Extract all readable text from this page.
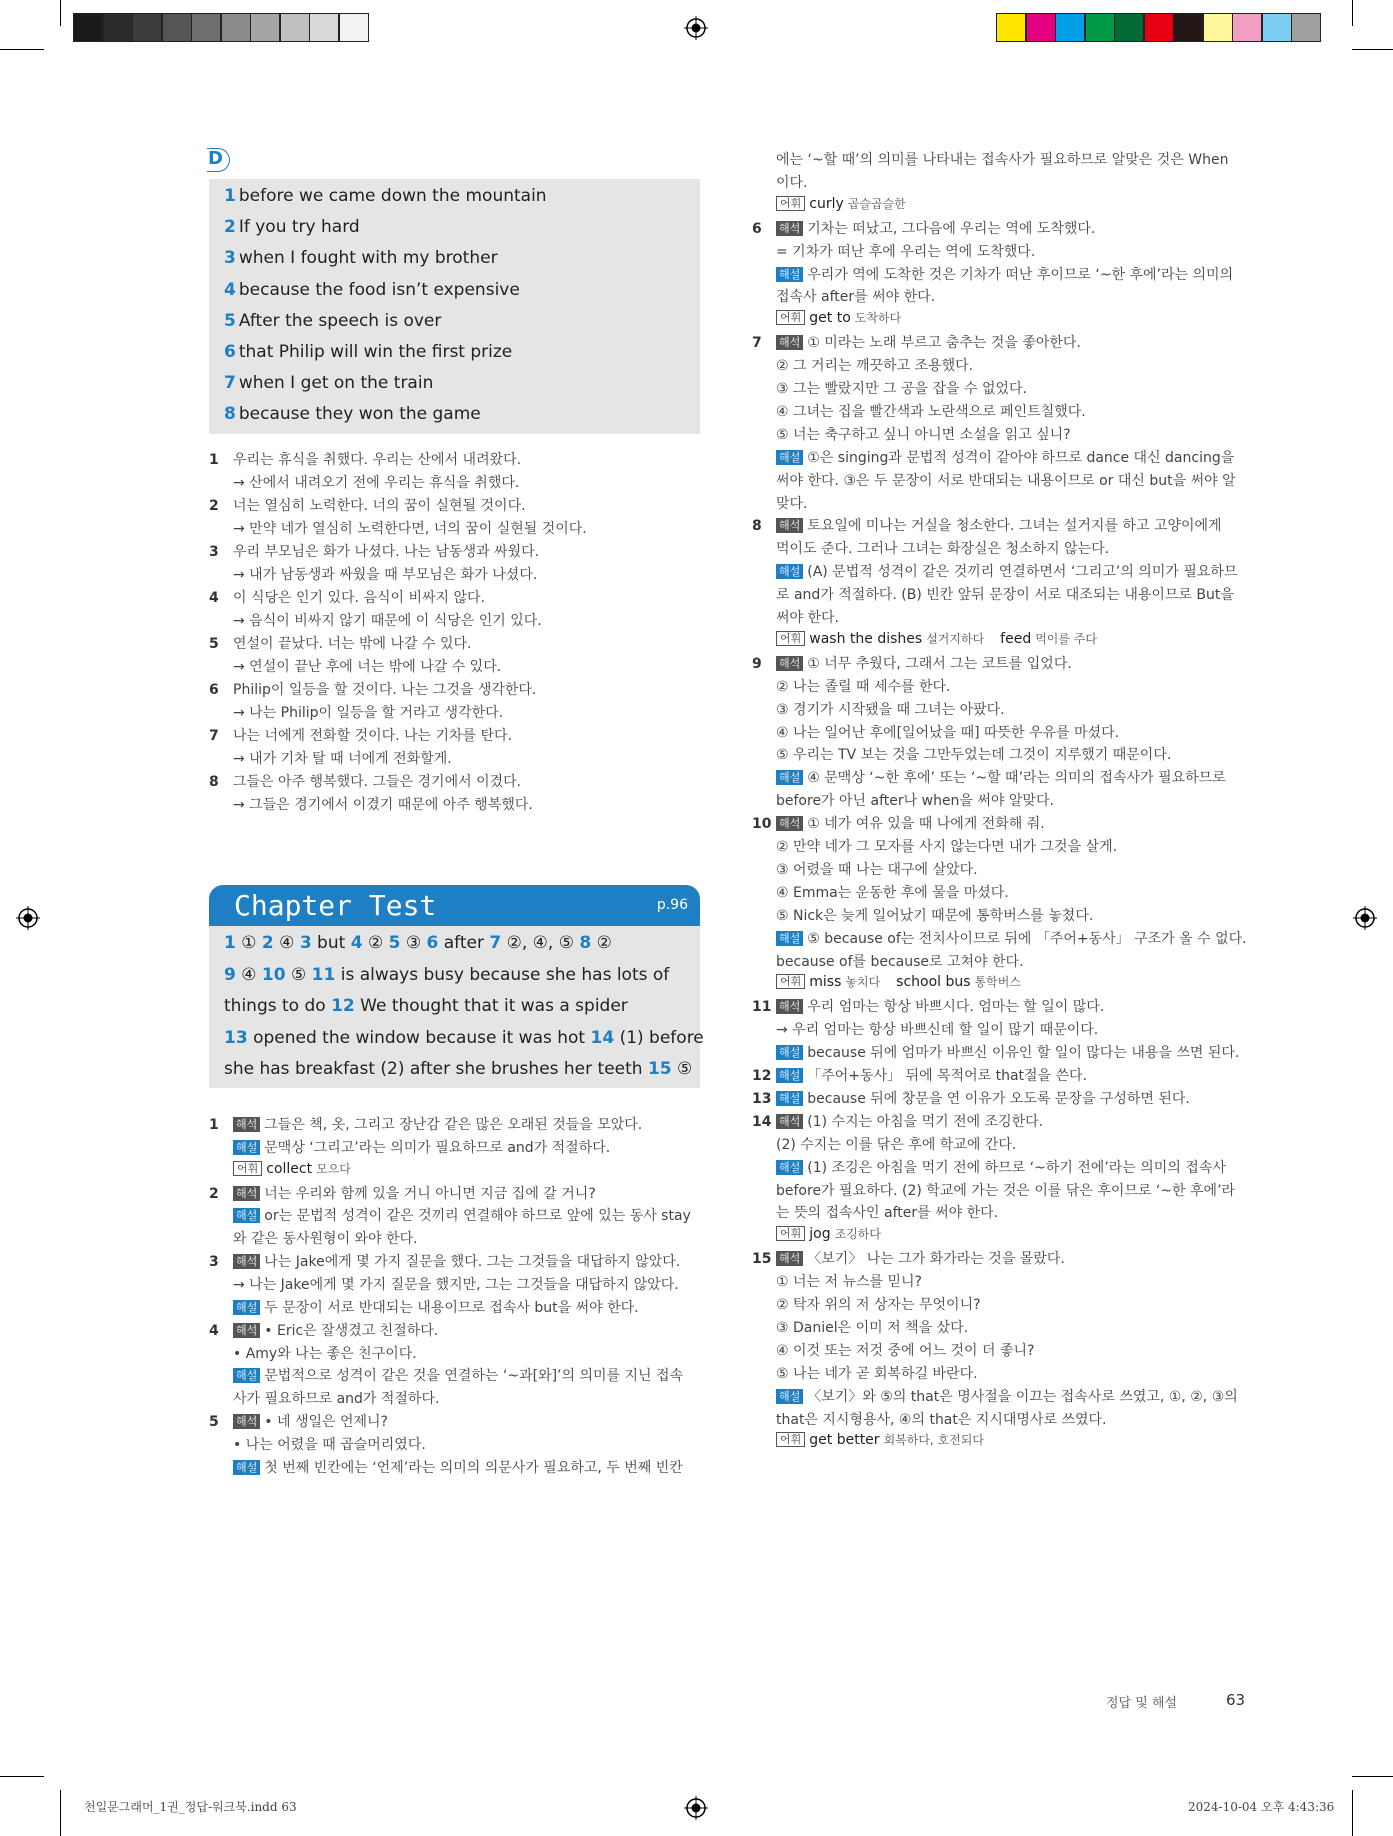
D
1 before we came down the mountain
2 If you try hard
3 when I fought with my brother
4 because the food isn’t expensive
5 After the speech is over
6 that Philip will win the first prize
7 when I get on the train
8 because they won the game
1 우리는 휴식을 취했다. 우리는 산에서 내려왔다.
→ 산에서 내려오기 전에 우리는 휴식을 취했다.
2 너는 열심히 노력한다. 너의 꿈이 실현될 것이다.
→ 만약 네가 열심히 노력한다면, 너의 꿈이 실현될 것이다.
3 우리 부모님은 화가 나셨다. 나는 남동생과 싸웠다.
→ 내가 남동생과 싸웠을 때 부모님은 화가 나셨다.
4 이 식당은 인기 있다. 음식이 비싸지 않다.
→ 음식이 비싸지 않기 때문에 이 식당은 인기 있다.
5 연설이 끝났다. 너는 밖에 나갈 수 있다.
→ 연설이 끝난 후에 너는 밖에 나갈 수 있다.
6 Philip이 일등을 할 것이다. 나는 그것을 생각한다.
→ 나는 Philip이 일등을 할 거라고 생각한다.
7 나는 너에게 전화할 것이다. 나는 기차를 탄다.
→ 내가 기차 탈 때 너에게 전화할게.
8 그들은 아주 행복했다. 그들은 경기에서 이겼다.
→ 그들은 경기에서 이겼기 때문에 아주 행복했다.
Chapter Test	p.96
1 ① 2 ④ 3 but 4 ② 5 ③ 6 after 7 ②, ④, ⑤ 8 ②
9 ④ 10 ⑤ 11 is always busy because she has lots of
things to do 12 We thought that it was a spider
13 opened the window because it was hot 14 (1) before
she has breakfast (2) after she brushes her teeth 15 ⑤
1 해석 그들은 책, 옷, 그리고 장난감 같은 많은 오래된 것들을 모았다.
해설 문맥상 ‘그리고’라는 의미가 필요하므로 and가 적절하다.
어휘 collect 모으다
2 해석 너는 우리와 함께 있을 거니 아니면 지금 집에 갈 거니?
해설 or는 문법적 성격이 같은 것끼리 연결해야 하므로 앞에 있는 동사 stay
와 같은 동사원형이 와야 한다.
3 해석 나는 Jake에게 몇 가지 질문을 했다. 그는 그것들을 대답하지 않았다.
→ 나는 Jake에게 몇 가지 질문을 했지만, 그는 그것들을 대답하지 않았다.
해설 두 문장이 서로 반대되는 내용이므로 접속사 but을 써야 한다.
4 해석 • Eric은 잘생겼고 친절하다.
• Amy와 나는 좋은 친구이다.
해설 문법적으로 성격이 같은 것을 연결하는 ‘~과[와]’의 의미를 지닌 접속
사가 필요하므로 and가 적절하다.
5 해석 • 네 생일은 언제니?
• 나는 어렸을 때 곱슬머리였다.
해설 첫 번째 빈칸에는 ‘언제’라는 의미의 의문사가 필요하고, 두 번째 빈칸
에는 ‘~할 때’의 의미를 나타내는 접속사가 필요하므로 알맞은 것은 When
이다.
어휘 curly 곱슬곱슬한
6 해석 기차는 떠났고, 그다음에 우리는 역에 도착했다.
= 기차가 떠난 후에 우리는 역에 도착했다.
해설 우리가 역에 도착한 것은 기차가 떠난 후이므로 ‘~한 후에’라는 의미의
접속사 after를 써야 한다.
어휘 get to 도착하다
7 해석 ① 미라는 노래 부르고 춤추는 것을 좋아한다.
② 그 거리는 깨끗하고 조용했다.
③ 그는 빨랐지만 그 공을 잡을 수 없었다.
④ 그녀는 집을 빨간색과 노란색으로 페인트칠했다.
⑤ 너는 축구하고 싶니 아니면 소설을 읽고 싶니?
해설 ①은 singing과 문법적 성격이 같아야 하므로 dance 대신 dancing을
써야 한다. ③은 두 문장이 서로 반대되는 내용이므로 or 대신 but을 써야 알
맞다.
8 해석 토요일에 미나는 거실을 청소한다. 그녀는 설거지를 하고 고양이에게
먹이도 준다. 그러나 그녀는 화장실은 청소하지 않는다.
해설 (A) 문법적 성격이 같은 것끼리 연결하면서 ‘그리고’의 의미가 필요하므
로 and가 적절하다. (B) 빈칸 앞뒤 문장이 서로 대조되는 내용이므로 But을
써야 한다.
어휘 wash the dishes 설거지하다 feed 먹이를 주다
9 해석 ① 너무 추웠다, 그래서 그는 코트를 입었다.
② 나는 졸릴 때 세수를 한다.
③ 경기가 시작됐을 때 그녀는 아팠다.
④ 나는 일어난 후에[일어났을 때] 따뜻한 우유를 마셨다.
⑤ 우리는 TV 보는 것을 그만두었는데 그것이 지루했기 때문이다.
해설 ④ 문맥상 ‘~한 후에’ 또는 ‘~할 때’라는 의미의 접속사가 필요하므로
before가 아닌 after나 when을 써야 알맞다.
10 해석 ① 네가 여유 있을 때 나에게 전화해 줘.
② 만약 네가 그 모자를 사지 않는다면 내가 그것을 살게.
③ 어렸을 때 나는 대구에 살았다.
④ Emma는 운동한 후에 물을 마셨다.
⑤ Nick은 늦게 일어났기 때문에 통학버스를 놓쳤다.
해설 ⑤ because of는 전치사이므로 뒤에 「주어+동사」 구조가 올 수 없다.
because of를 because로 고쳐야 한다.
어휘 miss 놓치다 school bus 통학버스
11 해석 우리 엄마는 항상 바쁘시다. 엄마는 할 일이 많다.
→ 우리 엄마는 항상 바쁘신데 할 일이 많기 때문이다.
해설 because 뒤에 엄마가 바쁘신 이유인 할 일이 많다는 내용을 쓰면 된다.
12 해설 「주어+동사」 뒤에 목적어로 that절을 쓴다.
13 해설 because 뒤에 창문을 연 이유가 오도록 문장을 구성하면 된다.
14 해석 (1) 수지는 아침을 먹기 전에 조깅한다.
(2) 수지는 이를 닦은 후에 학교에 간다.
해설 (1) 조깅은 아침을 먹기 전에 하므로 ‘~하기 전에’라는 의미의 접속사
before가 필요하다. (2) 학교에 가는 것은 이를 닦은 후이므로 ‘~한 후에’라
는 뜻의 접속사인 after를 써야 한다.
어휘 jog 조깅하다
15 해석 〈보기〉 나는 그가 화가라는 것을 몰랐다.
① 너는 저 뉴스를 믿니?
② 탁자 위의 저 상자는 무엇이니?
③ Daniel은 이미 저 책을 샀다.
④ 이것 또는 저것 중에 어느 것이 더 좋니?
⑤ 나는 네가 곧 회복하길 바란다.
해설 〈보기〉와 ⑤의 that은 명사절을 이끄는 접속사로 쓰였고, ①, ②, ③의
that은 지시형용사, ④의 that은 지시대명사로 쓰였다.
어휘 get better 회복하다, 호전되다
정답 및 해설	63
천일문그래머_1권_정답-워크북.indd 63	2024-10-04 오후 4:43:36
